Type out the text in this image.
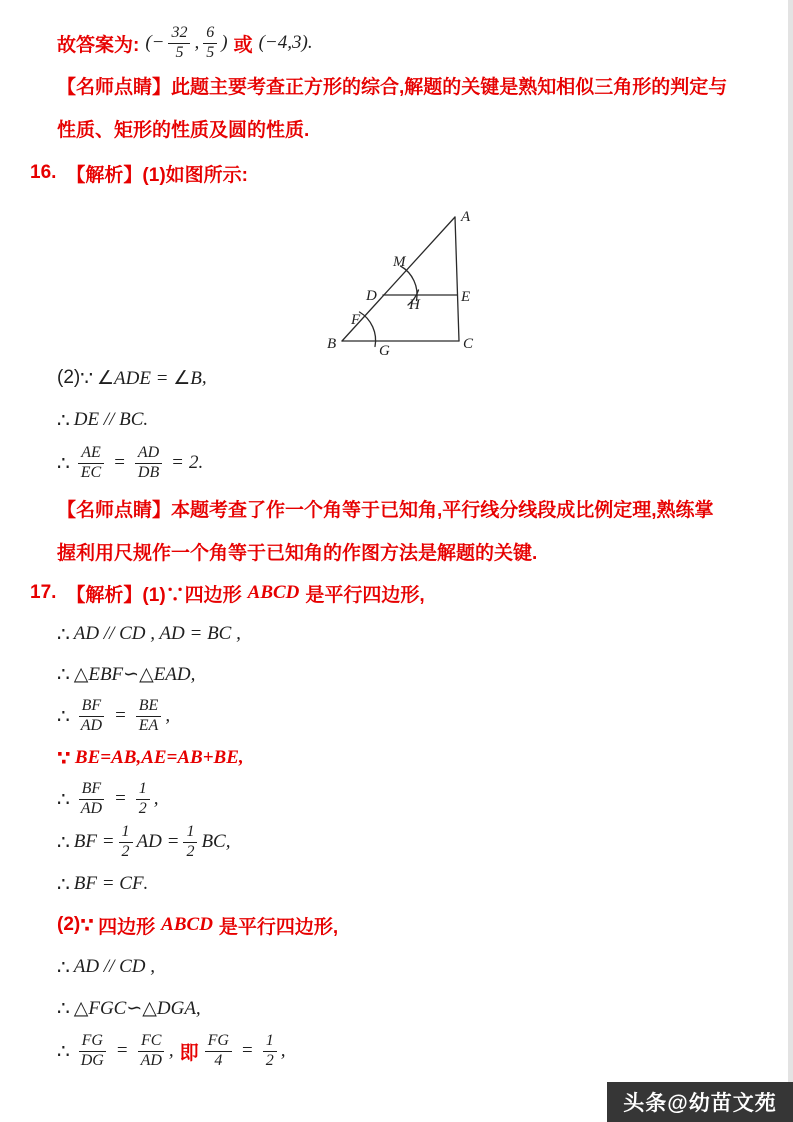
故答案为: (− $\frac{32}{5}$ , $\frac{6}{5}$ ) 或 (−4,3) .
【名师点睛】此题主要考查正方形的综合,解题的关键是熟知相似三角形的判定与
性质、矩形的性质及圆的性质.
16. 【解析】(1)如图所示:
A
B	C
D	E
M
H
F
G
(2) ∵ ∠ADE = ∠B ,
∴ DE // BC .
∴ $\frac{AE}{EC} = \frac{AD}{DB} = 2$ .
【名师点睛】本题考查了作一个角等于已知角,平行线分线段成比例定理,熟练掌
握利用尺规作一个角等于已知角的作图方法是解题的关键.
17. 【解析】(1)∵四边形 ABCD 是平行四边形,
∴ AD // CD , AD = BC ,
∴ △EBF∽△EAD,
∴ $\frac{BF}{AD} = \frac{BE}{EA}$ ,
∵ BE=AB,AE=AB+BE,
∴ $\frac{BF}{AD} = \frac{1}{2}$ ,
∴ BF = $\frac{1}{2}$ AD = $\frac{1}{2}$ BC ,
∴ BF = CF .
(2) ∵ 四边形 ABCD 是平行四边形,
∴ AD // CD ,
∴ △FGC∽△DGA,
∴ $\frac{FG}{DG} = \frac{FC}{AD}$ , 即 $\frac{FG}{4} = \frac{1}{2}$ ,
头条@幼苗文苑
